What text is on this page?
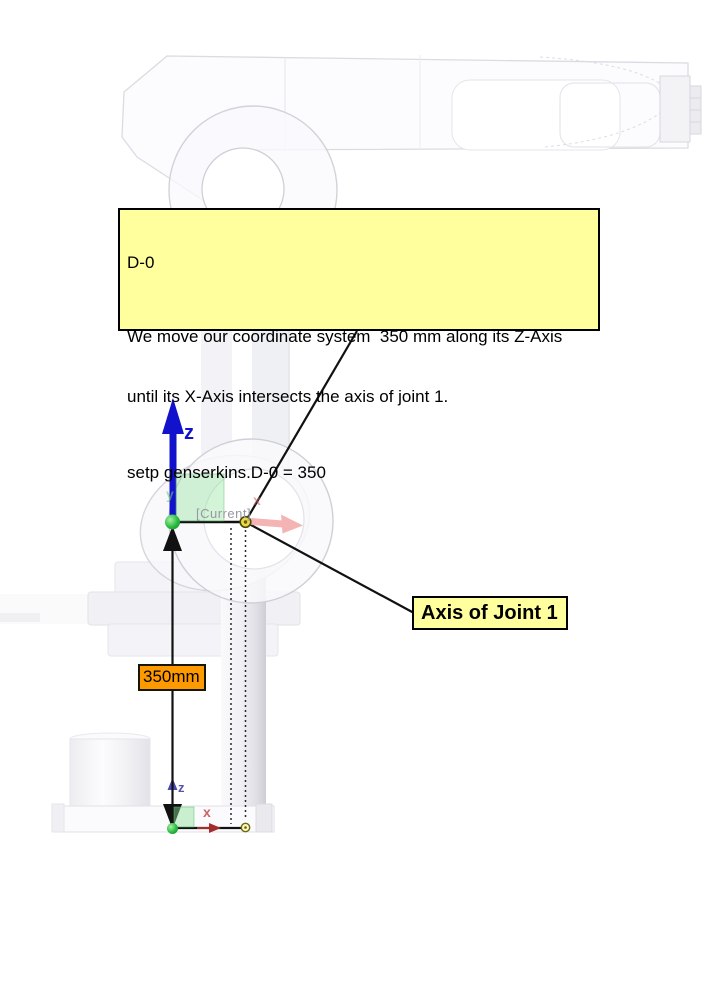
D-0

We move our coordinate system  350 mm along its Z-Axis

until its X-Axis intersects the axis of joint 1.

setp genserkins.D-0 = 350

Axis of Joint 1
350mm
z
[Current]
x
y
z
x
